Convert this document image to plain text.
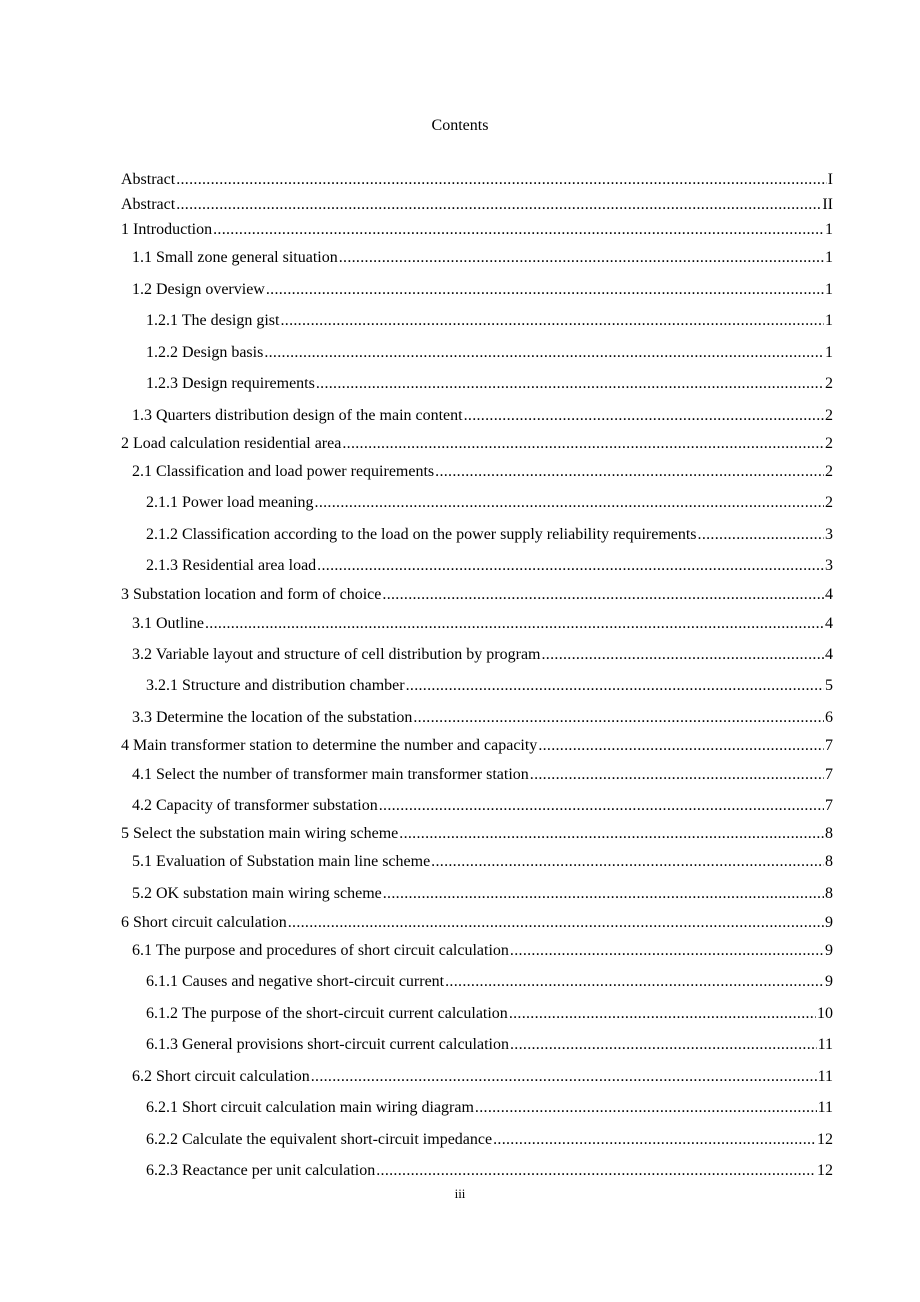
Contents
Abstract .....	I
Abstract .....	II
1 Introduction .....	1
1.1 Small zone general situation .....	1
1.2 Design overview .....	1
1.2.1 The design gist .....	1
1.2.2 Design basis .....	1
1.2.3 Design requirements .....	2
1.3 Quarters distribution design of the main content .....	2
2 Load calculation residential area .....	2
2.1 Classification and load power requirements .....	2
2.1.1 Power load meaning .....	2
2.1.2 Classification according to the load on the power supply reliability requirements .....	3
2.1.3 Residential area load .....	3
3 Substation location and form of choice .....	4
3.1 Outline .....	4
3.2 Variable layout and structure of cell distribution by program .....	4
3.2.1 Structure and distribution chamber .....	5
3.3 Determine the location of the substation .....	6
4 Main transformer station to determine the number and capacity .....	7
4.1 Select the number of transformer main transformer station .....	7
4.2 Capacity of transformer substation .....	7
5 Select the substation main wiring scheme .....	8
5.1 Evaluation of Substation main line scheme .....	8
5.2 OK substation main wiring scheme .....	8
6 Short circuit calculation .....	9
6.1 The purpose and procedures of short circuit calculation .....	9
6.1.1 Causes and negative short-circuit current .....	9
6.1.2 The purpose of the short-circuit current calculation .....	10
6.1.3 General provisions short-circuit current calculation .....	11
6.2 Short circuit calculation .....	11
6.2.1 Short circuit calculation main wiring diagram .....	11
6.2.2 Calculate the equivalent short-circuit impedance .....	12
6.2.3 Reactance per unit calculation .....	12
iii
